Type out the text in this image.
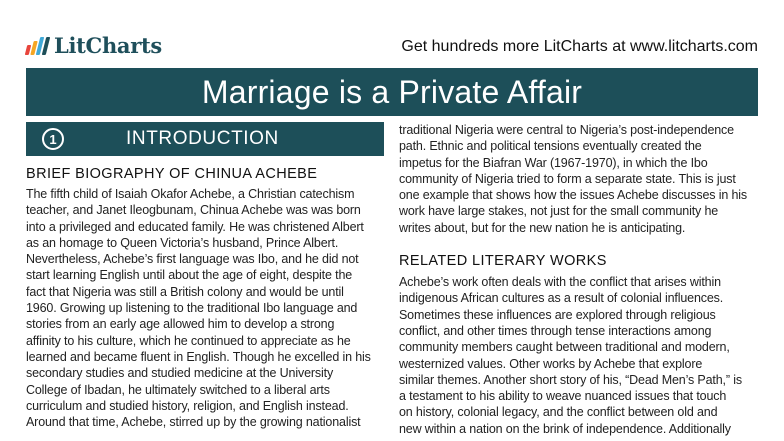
LitCharts	Get hundreds more LitCharts at www.litcharts.com
Marriage is a Private Affair
1	INTRODUCTION
BRIEF BIOGRAPHY OF CHINUA ACHEBE

The fifth child of Isaiah Okafor Achebe, a Christian catechism

teacher, and Janet Ileogbunam, Chinua Achebe was was born

into a privileged and educated family. He was christened Albert

as an homage to Queen Victoria’s husband, Prince Albert.

Nevertheless, Achebe’s first language was Ibo, and he did not

start learning English until about the age of eight, despite the

fact that Nigeria was still a British colony and would be until

1960. Growing up listening to the traditional Ibo language and

stories from an early age allowed him to develop a strong

affinity to his culture, which he continued to appreciate as he

learned and became fluent in English. Though he excelled in his

secondary studies and studied medicine at the University

College of Ibadan, he ultimately switched to a liberal arts

curriculum and studied history, religion, and English instead.

Around that time, Achebe, stirred up by the growing nationalist

traditional Nigeria were central to Nigeria’s post-independence

path. Ethnic and political tensions eventually created the

impetus for the Biafran War (1967-1970), in which the Ibo

community of Nigeria tried to form a separate state. This is just

one example that shows how the issues Achebe discusses in his

work have large stakes, not just for the small community he

writes about, but for the new nation he is anticipating.

RELATED LITERARY WORKS

Achebe’s work often deals with the conflict that arises within

indigenous African cultures as a result of colonial influences.

Sometimes these influences are explored through religious

conflict, and other times through tense interactions among

community members caught between traditional and modern,

westernized values. Other works by Achebe that explore

similar themes. Another short story of his, “Dead Men’s Path,” is

a testament to his ability to weave nuanced issues that touch

on history, colonial legacy, and the conflict between old and

new within a nation on the brink of independence. Additionally
